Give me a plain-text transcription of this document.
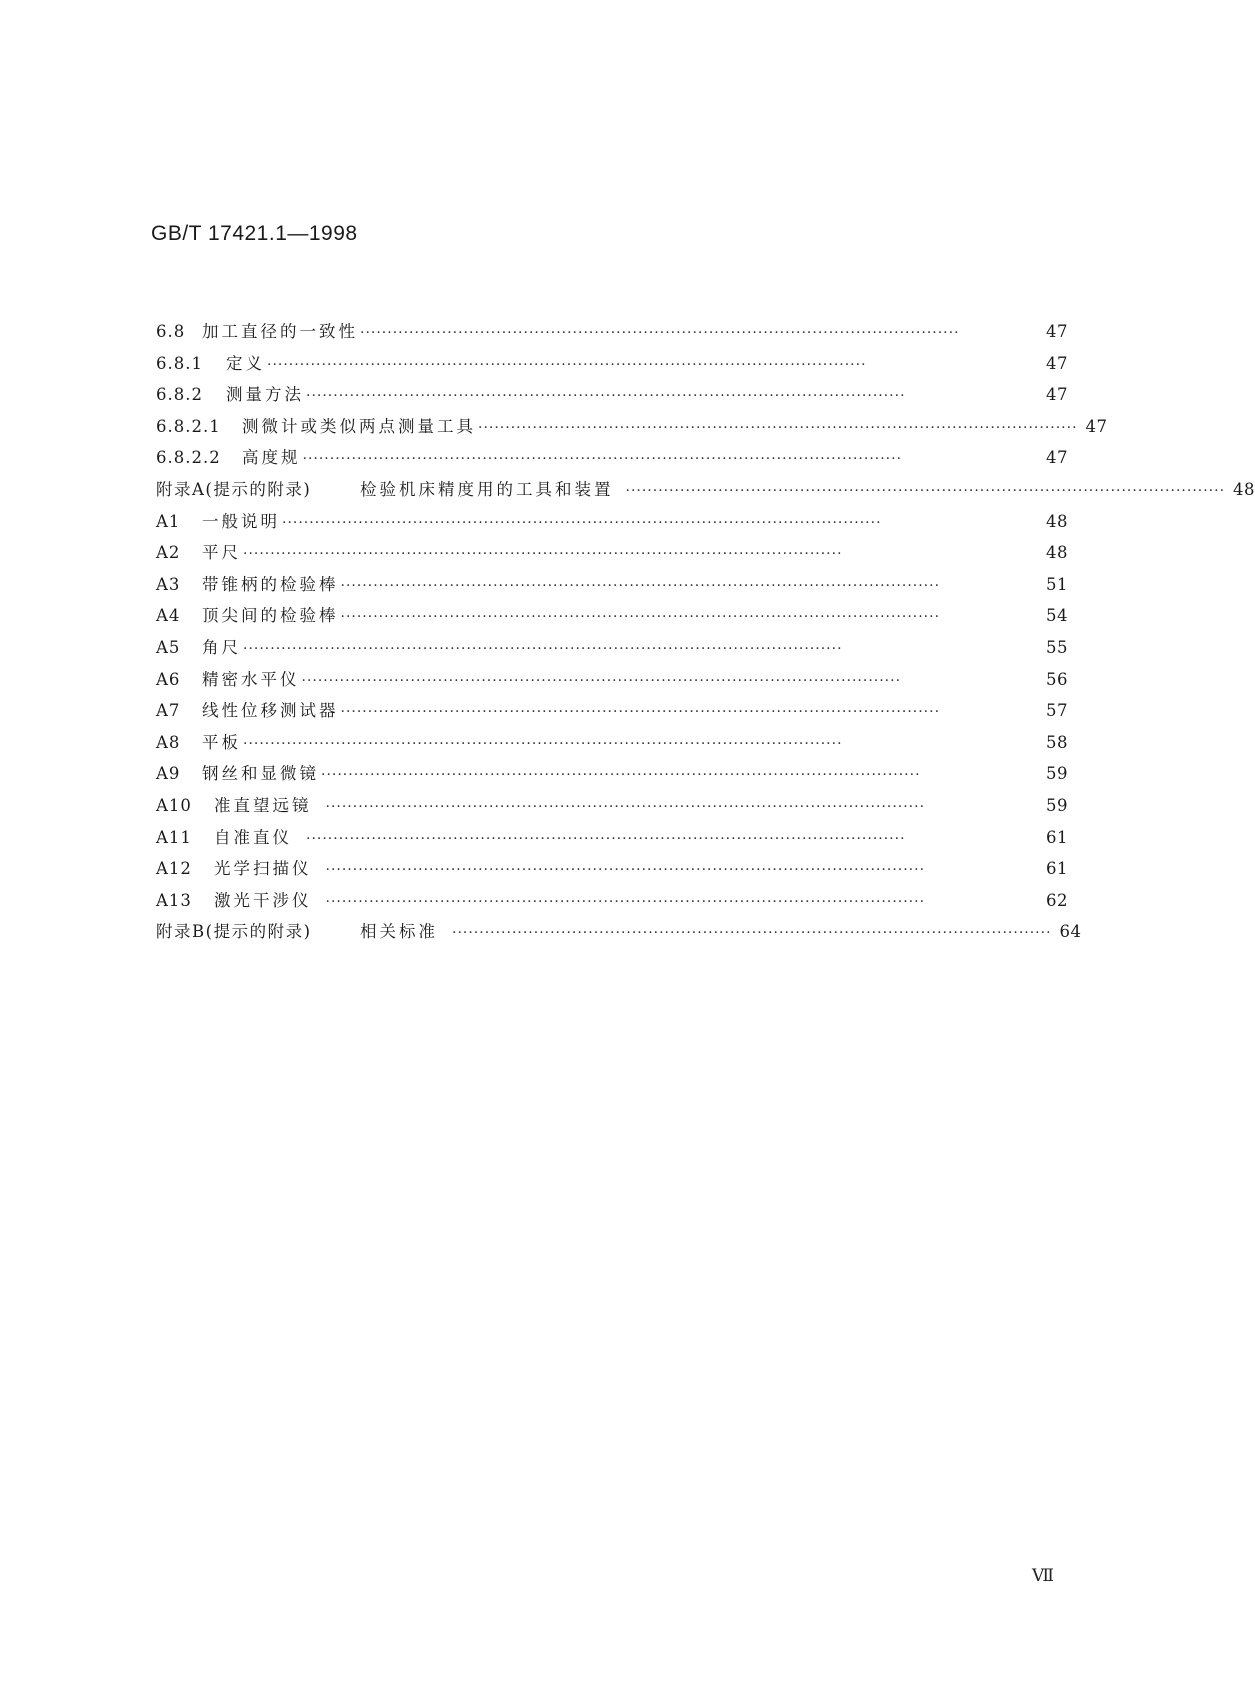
GB/T 17421.1—1998
6.8	加工直径的一致性 ··············································································································	47
6.8.1	定义 ··············································································································	47
6.8.2	测量方法 ··············································································································	47
6.8.2.1	测微计或类似两点测量工具 ·············································································································· 47
6.8.2.2	高度规 ··············································································································	47
附录A(提示的附录)	检验机床精度用的工具和装置 ·············································································································· 48
A1	一般说明 ··············································································································	48
A2	平尺 ··············································································································	48
A3	带锥柄的检验棒 ··············································································································	51
A4	顶尖间的检验棒 ··············································································································	54
A5	角尺 ··············································································································	55
A6	精密水平仪 ··············································································································	56
A7	线性位移测试器 ··············································································································	57
A8	平板 ··············································································································	58
A9	钢丝和显微镜 ··············································································································	59
A10	准直望远镜	··············································································································	59
A11	自准直仪	··············································································································	61
A12	光学扫描仪	··············································································································	61
A13	激光干涉仪	··············································································································	62
附录B(提示的附录)	相关标准	·············································································································· 64
Ⅶ
